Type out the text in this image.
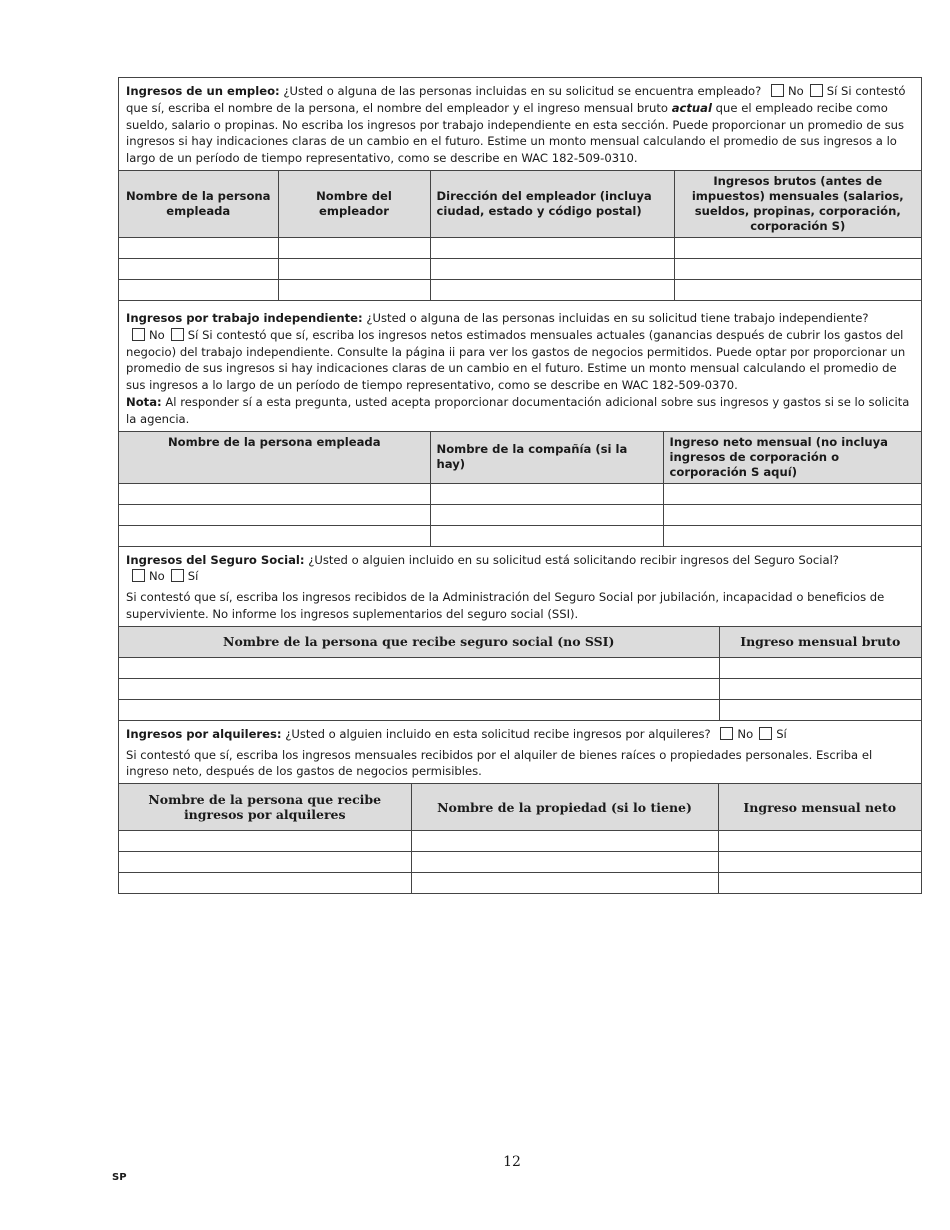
Ingresos de un empleo: ¿Usted o alguna de las personas incluidas en su solicitud se encuentra empleado? No Sí Si contestó que sí, escriba el nombre de la persona, el nombre del empleador y el ingreso mensual bruto actual que el empleado recibe como sueldo, salario o propinas. No escriba los ingresos por trabajo independiente en esta sección. Puede proporcionar un promedio de sus ingresos si hay indicaciones claras de un cambio en el futuro. Estime un monto mensual calculando el promedio de sus ingresos a lo largo de un período de tiempo representativo, como se describe en WAC 182-509-0310.

Nombre de la persona empleada	Nombre del empleador	Dirección del empleador (incluya ciudad, estado y código postal)	Ingresos brutos (antes de impuestos) mensuales (salarios, sueldos, propinas, corporación, corporación S)

Ingresos por trabajo independiente: ¿Usted o alguna de las personas incluidas en su solicitud tiene trabajo independiente? No Sí Si contestó que sí, escriba los ingresos netos estimados mensuales actuales (ganancias después de cubrir los gastos del negocio) del trabajo independiente. Consulte la página ii para ver los gastos de negocios permitidos. Puede optar por proporcionar un promedio de sus ingresos si hay indicaciones claras de un cambio en el futuro. Estime un monto mensual calculando el promedio de sus ingresos a lo largo de un período de tiempo representativo, como se describe en WAC 182-509-0370.

Nota: Al responder sí a esta pregunta, usted acepta proporcionar documentación adicional sobre sus ingresos y gastos si se lo solicita la agencia.

Nombre de la persona empleada	Nombre de la compañía (si la hay)	Ingreso neto mensual (no incluya ingresos de corporación o corporación S aquí)

Ingresos del Seguro Social: ¿Usted o alguien incluido en su solicitud está solicitando recibir ingresos del Seguro Social? No Sí

Si contestó que sí, escriba los ingresos recibidos de la Administración del Seguro Social por jubilación, incapacidad o beneficios de superviviente. No informe los ingresos suplementarios del seguro social (SSI).

Nombre de la persona que recibe seguro social (no SSI)	Ingreso mensual bruto

Ingresos por alquileres: ¿Usted o alguien incluido en esta solicitud recibe ingresos por alquileres? No Sí

Si contestó que sí, escriba los ingresos mensuales recibidos por el alquiler de bienes raíces o propiedades personales. Escriba el ingreso neto, después de los gastos de negocios permisibles.

Nombre de la persona que recibe ingresos por alquileres	Nombre de la propiedad (si lo tiene)	Ingreso mensual neto

12
SP
